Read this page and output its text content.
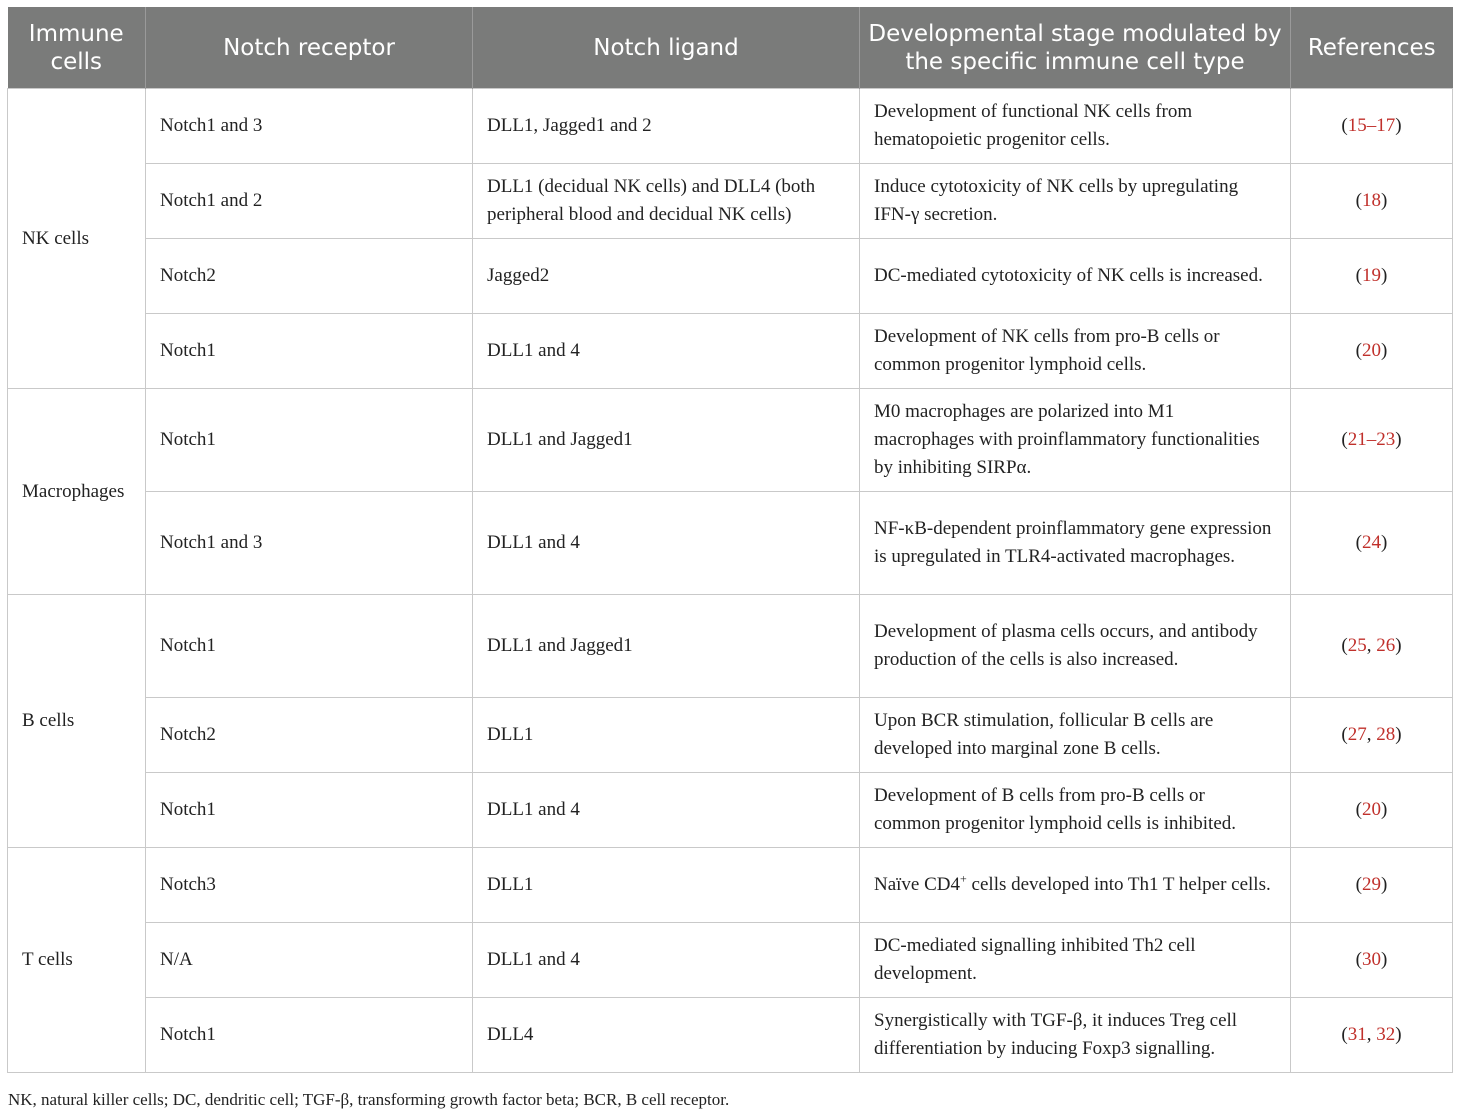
Immune cells	Notch receptor	Notch ligand	Developmental stage modulated by the specific immune cell type	References
NK cells	Notch1 and 3	DLL1, Jagged1 and 2	Development of functional NK cells from hematopoietic progenitor cells.	(15–17)
	Notch1 and 2	DLL1 (decidual NK cells) and DLL4 (both peripheral blood and decidual NK cells)	Induce cytotoxicity of NK cells by upregulating IFN-γ secretion.	(18)
	Notch2	Jagged2	DC-mediated cytotoxicity of NK cells is increased.	(19)
	Notch1	DLL1 and 4	Development of NK cells from pro-B cells or common progenitor lymphoid cells.	(20)
Macrophages	Notch1	DLL1 and Jagged1	M0 macrophages are polarized into M1 macrophages with proinflammatory functionalities by inhibiting SIRPα.	(21–23)
	Notch1 and 3	DLL1 and 4	NF-κB-dependent proinflammatory gene expression is upregulated in TLR4-activated macrophages.	(24)
B cells	Notch1	DLL1 and Jagged1	Development of plasma cells occurs, and antibody production of the cells is also increased.	(25, 26)
	Notch2	DLL1	Upon BCR stimulation, follicular B cells are developed into marginal zone B cells.	(27, 28)
	Notch1	DLL1 and 4	Development of B cells from pro-B cells or common progenitor lymphoid cells is inhibited.	(20)
T cells	Notch3	DLL1	Naïve CD4+ cells developed into Th1 T helper cells.	(29)
	N/A	DLL1 and 4	DC-mediated signalling inhibited Th2 cell development.	(30)
	Notch1	DLL4	Synergistically with TGF-β, it induces Treg cell differentiation by inducing Foxp3 signalling.	(31, 32)
NK, natural killer cells; DC, dendritic cell; TGF-β, transforming growth factor beta; BCR, B cell receptor.
